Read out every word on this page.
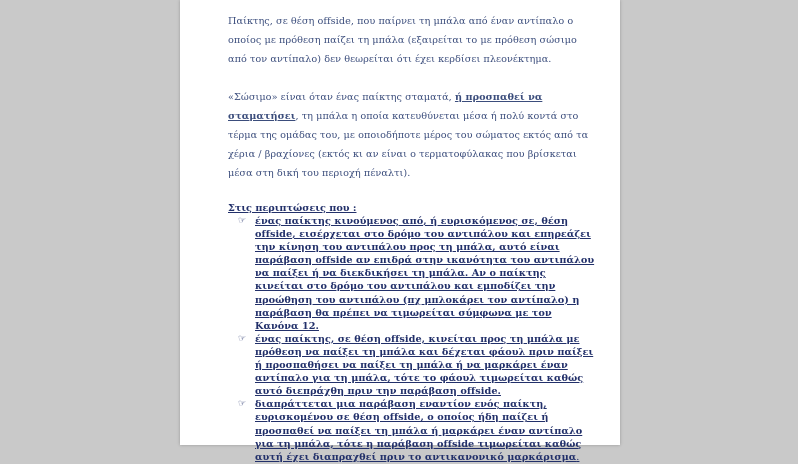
Παίκτης, σε θέση offside, που παίρνει τη μπάλα από έναν αντίπαλο ο οποίος με πρόθεση παίζει τη μπάλα (εξαιρείται το με πρόθεση σώσιμο από τον αντίπαλο) δεν θεωρείται ότι έχει κερδίσει πλεονέκτημα.

«Σώσιμο» είναι όταν ένας παίκτης σταματά, ή προσπαθεί να σταματήσει, τη μπάλα η οποία κατευθύνεται μέσα ή πολύ κοντά στο τέρμα της ομάδας του, με οποιοδήποτε μέρος του σώματος εκτός από τα χέρια / βραχίονες (εκτός κι αν είναι ο τερματοφύλακας που βρίσκεται μέσα στη δική του περιοχή πέναλτι).

Στις περιπτώσεις που :

☞ ένας παίκτης κινούμενος από, ή ευρισκόμενος σε, θέση offside, εισέρχεται στο δρόμο του αντιπάλου και επηρεάζει την κίνηση του αντιπάλου προς τη μπάλα, αυτό είναι παράβαση offside αν επιδρά στην ικανότητα του αντιπάλου να παίξει ή να διεκδικήσει τη μπάλα. Αν ο παίκτης κινείται στο δρόμο του αντιπάλου και εμποδίζει την προώθηση του αντιπάλου (πχ μπλοκάρει τον αντίπαλο) η παράβαση θα πρέπει να τιμωρείται σύμφωνα με τον Κανόνα 12.
☞ ένας παίκτης, σε θέση offside, κινείται προς τη μπάλα με πρόθεση να παίξει τη μπάλα και δέχεται φάουλ πριν παίξει ή προσπαθήσει να παίξει τη μπάλα ή να μαρκάρει έναν αντίπαλο για τη μπάλα, τότε το φάουλ τιμωρείται καθώς αυτό διεπράχθη πριν την παράβαση offside.
☞ διαπράττεται μια παράβαση εναντίον ενός παίκτη, ευρισκομένου σε θέση offside, ο οποίος ήδη παίζει ή προσπαθεί να παίξει τη μπάλα ή μαρκάρει έναν αντίπαλο για τη μπάλα, τότε η παράβαση offside τιμωρείται καθώς αυτή έχει διαπραχθεί πριν το αντικανονικό μαρκάρισμα.
